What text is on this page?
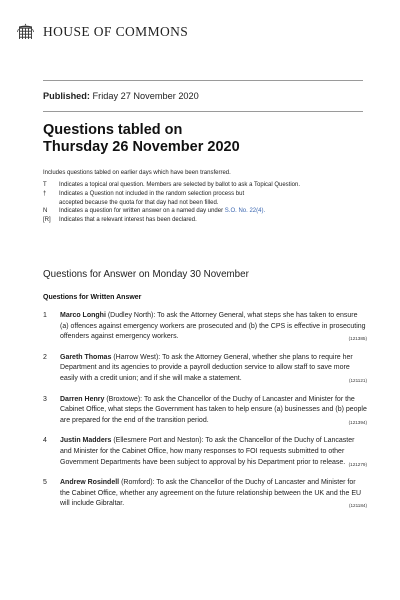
HOUSE OF COMMONS
Published: Friday 27 November 2020
Questions tabled on
Thursday 26 November 2020
Includes questions tabled on earlier days which have been transferred.
T	Indicates a topical oral question. Members are selected by ballot to ask a Topical Question.
†	Indicates a Question not included in the random selection process but
accepted because the quota for that day had not been filled.
N	Indicates a question for written answer on a named day under S.O. No. 22(4).
[R]	Indicates that a relevant interest has been declared.
Questions for Answer on Monday 30 November
Questions for Written Answer
1	Marco Longhi (Dudley North): To ask the Attorney General, what steps she has taken to ensure (a) offences against emergency workers are prosecuted and (b) the CPS is effective in prosecuting offenders against emergency workers.	(121385)
2	Gareth Thomas (Harrow West): To ask the Attorney General, whether she plans to require her Department and its agencies to provide a payroll deduction service to allow staff to save more easily with a credit union; and if she will make a statement.	(121121)
3	Darren Henry (Broxtowe): To ask the Chancellor of the Duchy of Lancaster and Minister for the Cabinet Office, what steps the Government has taken to help ensure (a) businesses and (b) people are prepared for the end of the transition period.	(121394)
4	Justin Madders (Ellesmere Port and Neston): To ask the Chancellor of the Duchy of Lancaster and Minister for the Cabinet Office, how many responses to FOI requests submitted to other Government Departments have been subject to approval by his Department prior to release. (121279)
5	Andrew Rosindell (Romford): To ask the Chancellor of the Duchy of Lancaster and Minister for the Cabinet Office, whether any agreement on the future relationship between the UK and the EU will include Gibraltar.	(121184)
